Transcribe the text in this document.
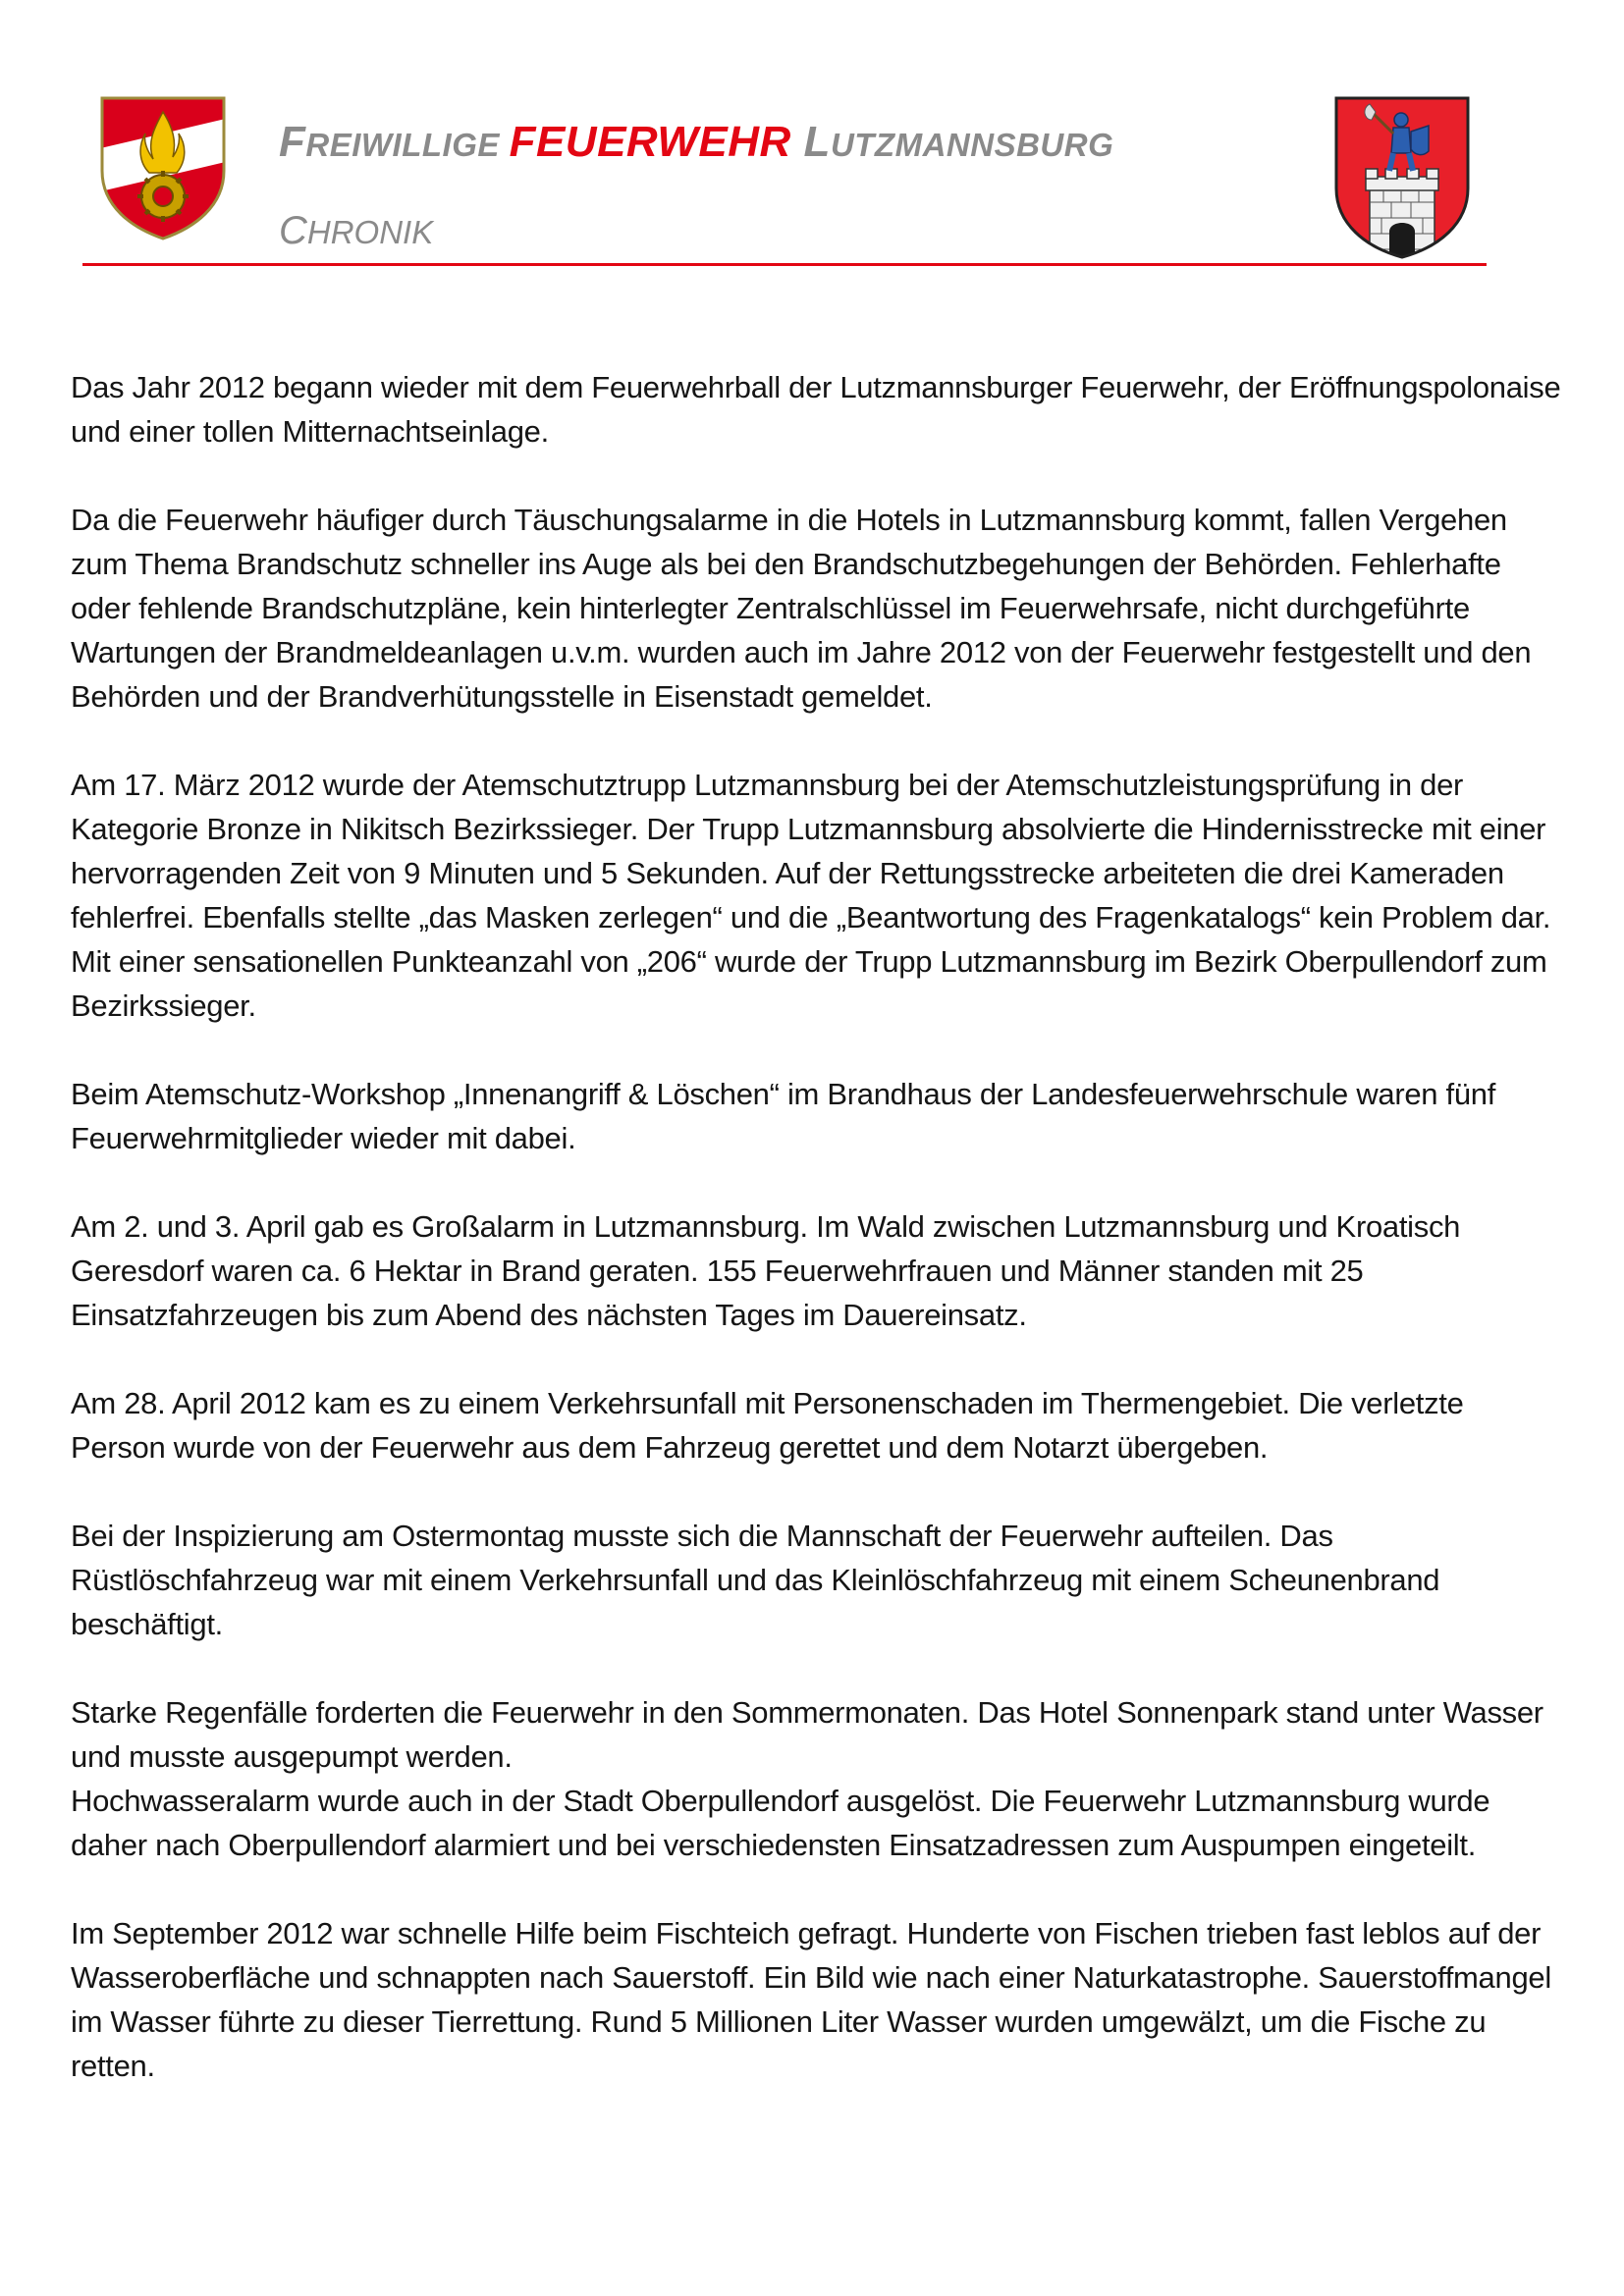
FREIWILLIGE FEUERWEHR LUTZMANNSBURG
CHRONIK

Das Jahr 2012 begann wieder mit dem Feuerwehrball der Lutzmannsburger Feuerwehr, der Eröffnungspolonaise und einer tollen Mitternachtseinlage.

Da die Feuerwehr häufiger durch Täuschungsalarme in die Hotels in Lutzmannsburg kommt, fallen Vergehen zum Thema Brandschutz schneller ins Auge als bei den Brandschutzbegehungen der Behörden. Fehlerhafte oder fehlende Brandschutzpläne, kein hinterlegter Zentralschlüssel im Feuerwehrsafe, nicht durchgeführte Wartungen der Brandmeldeanlagen u.v.m. wurden auch im Jahre 2012 von der Feuerwehr festgestellt und den Behörden und der Brandverhütungsstelle in Eisenstadt gemeldet.

Am 17. März 2012 wurde der Atemschutztrupp Lutzmannsburg bei der Atemschutzleistungsprüfung in der Kategorie Bronze in Nikitsch Bezirkssieger. Der Trupp Lutzmannsburg absolvierte die Hindernisstrecke mit einer hervorragenden Zeit von 9 Minuten und 5 Sekunden. Auf der Rettungsstrecke arbeiteten die drei Kameraden fehlerfrei. Ebenfalls stellte „das Masken zerlegen“ und die „Beantwortung des Fragenkatalogs“ kein Problem dar. Mit einer sensationellen Punkteanzahl von „206“ wurde der Trupp Lutzmannsburg im Bezirk Oberpullendorf zum Bezirkssieger.

Beim Atemschutz-Workshop „Innenangriff & Löschen“ im Brandhaus der Landesfeuerwehrschule waren fünf Feuerwehrmitglieder wieder mit dabei.

Am 2. und 3. April gab es Großalarm in Lutzmannsburg. Im Wald zwischen Lutzmannsburg und Kroatisch Geresdorf waren ca. 6 Hektar in Brand geraten. 155 Feuerwehrfrauen und Männer standen mit 25 Einsatzfahrzeugen bis zum Abend des nächsten Tages im Dauereinsatz.

Am 28. April 2012 kam es zu einem Verkehrsunfall mit Personenschaden im Thermengebiet. Die verletzte Person wurde von der Feuerwehr aus dem Fahrzeug gerettet und dem Notarzt übergeben.

Bei der Inspizierung am Ostermontag musste sich die Mannschaft der Feuerwehr aufteilen. Das Rüstlöschfahrzeug war mit einem Verkehrsunfall und das Kleinlöschfahrzeug mit einem Scheunenbrand beschäftigt.

Starke Regenfälle forderten die Feuerwehr in den Sommermonaten. Das Hotel Sonnenpark stand unter Wasser und musste ausgepumpt werden.

Hochwasseralarm wurde auch in der Stadt Oberpullendorf ausgelöst. Die Feuerwehr Lutzmannsburg wurde daher nach Oberpullendorf alarmiert und bei verschiedensten Einsatzadressen zum Auspumpen eingeteilt.

Im September 2012 war schnelle Hilfe beim Fischteich gefragt. Hunderte von Fischen trieben fast leblos auf der Wasseroberfläche und schnappten nach Sauerstoff. Ein Bild wie nach einer Naturkatastrophe. Sauerstoffmangel im Wasser führte zu dieser Tierrettung. Rund 5 Millionen Liter Wasser wurden umgewälzt, um die Fische zu retten.
